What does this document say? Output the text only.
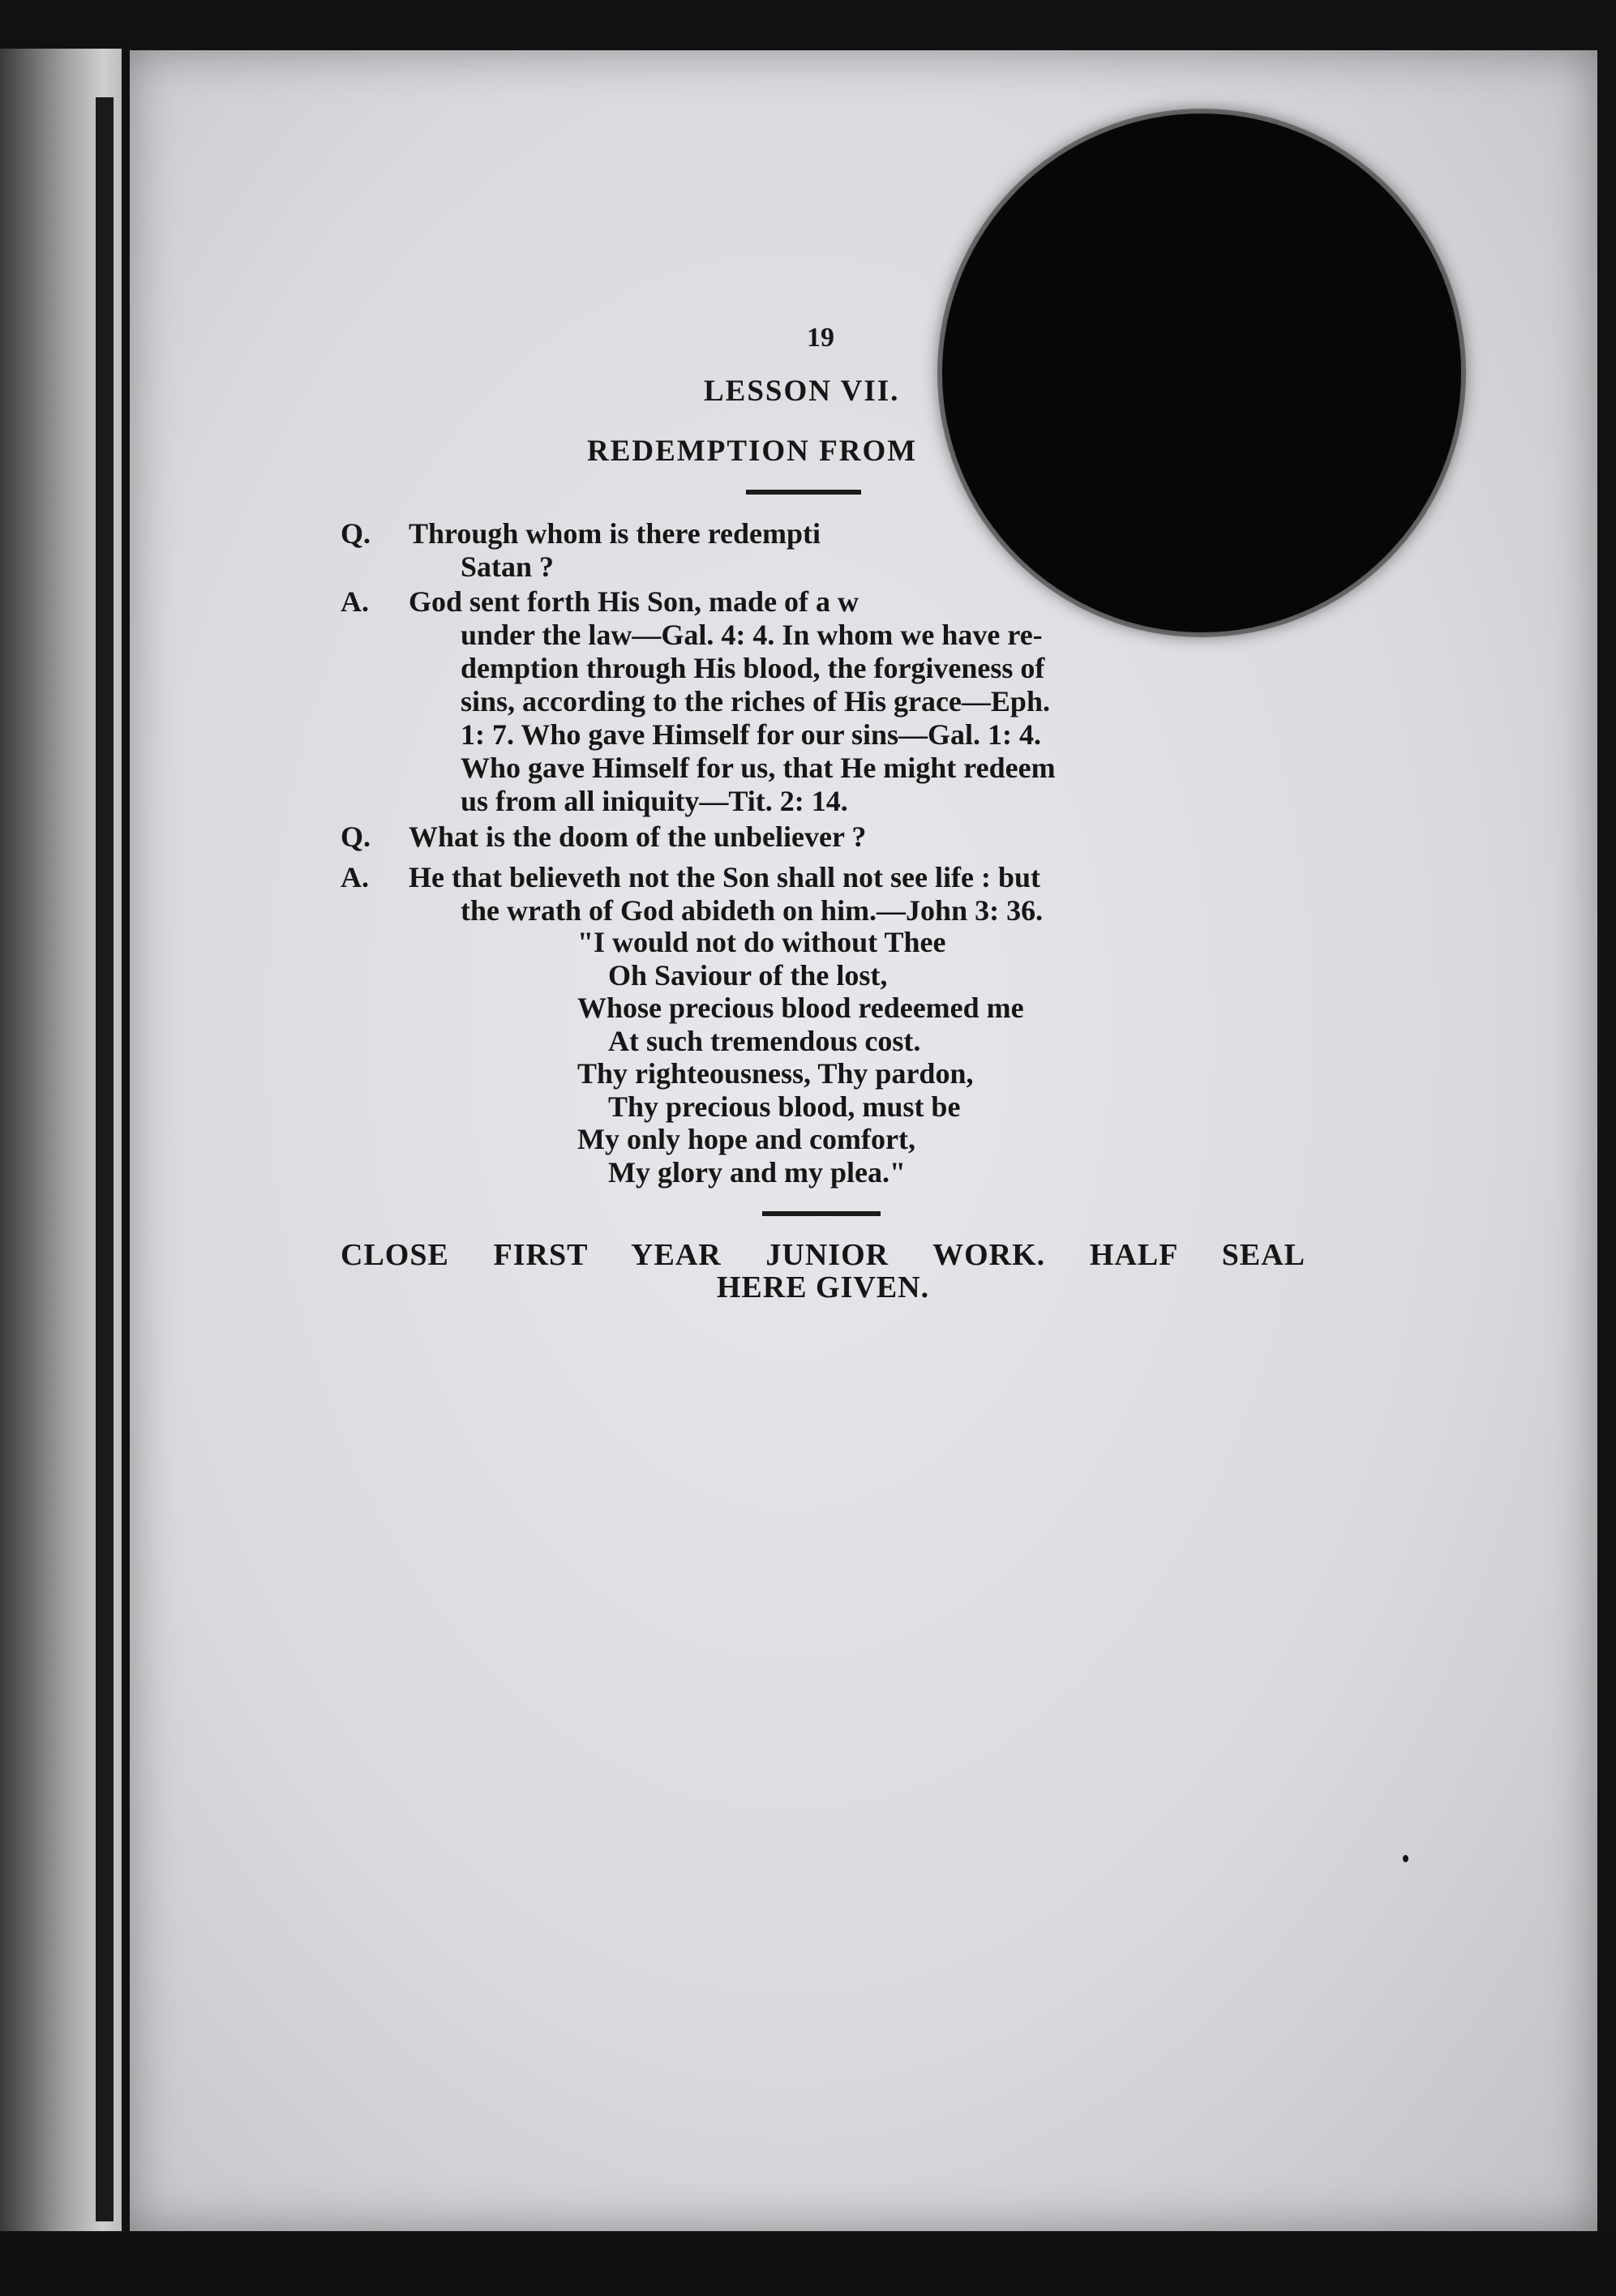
19
LESSON VII.
REDEMPTION FROM
Q. Through whom is there redempti
Satan ?
A. God sent forth His Son, made of a w
under the law—Gal. 4: 4. In whom we have re-
demption through His blood, the forgiveness of
sins, according to the riches of His grace—Eph.
1: 7. Who gave Himself for our sins—Gal. 1: 4.
Who gave Himself for us, that He might redeem
us from all iniquity—Tit. 2: 14.
Q. What is the doom of the unbeliever ?
A. He that believeth not the Son shall not see life : but
the wrath of God abideth on him.—John 3: 36.
"I would not do without Thee
Oh Saviour of the lost,
Whose precious blood redeemed me
At such tremendous cost.
Thy righteousness, Thy pardon,
Thy precious blood, must be
My only hope and comfort,
My glory and my plea."
CLOSE FIRST YEAR JUNIOR WORK. HALF SEAL
HERE GIVEN.
